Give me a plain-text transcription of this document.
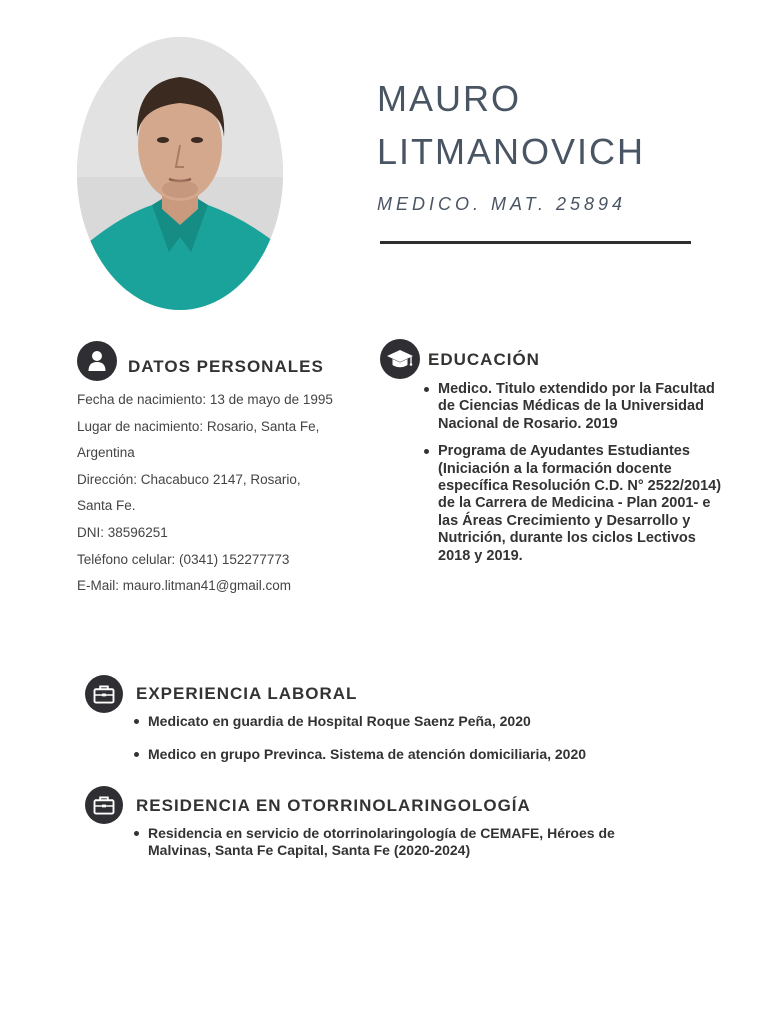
MAURO
LITMANOVICH
MEDICO. MAT. 25894
DATOS PERSONALES
Fecha de nacimiento: 13 de mayo de 1995
Lugar de nacimiento: Rosario, Santa Fe, Argentina
Dirección: Chacabuco 2147, Rosario, Santa Fe.
DNI: 38596251
Teléfono celular: (0341) 152277773
E-Mail: mauro.litman41@gmail.com
EDUCACIÓN
Medico. Titulo extendido por la Facultad de Ciencias Médicas de la Universidad Nacional de Rosario. 2019
Programa de Ayudantes Estudiantes (Iniciación a la formación docente específica Resolución C.D. N° 2522/2014) de la Carrera de Medicina - Plan 2001- e las Áreas Crecimiento y Desarrollo y Nutrición, durante los ciclos Lectivos 2018 y 2019.
EXPERIENCIA LABORAL
Medicato en guardia de Hospital Roque Saenz Peña, 2020
Medico en grupo Previnca. Sistema de atención domiciliaria, 2020
RESIDENCIA EN OTORRINOLARINGOLOGÍA
Residencia en servicio de otorrinolaringología de CEMAFE, Héroes de Malvinas, Santa Fe Capital, Santa Fe (2020-2024)
